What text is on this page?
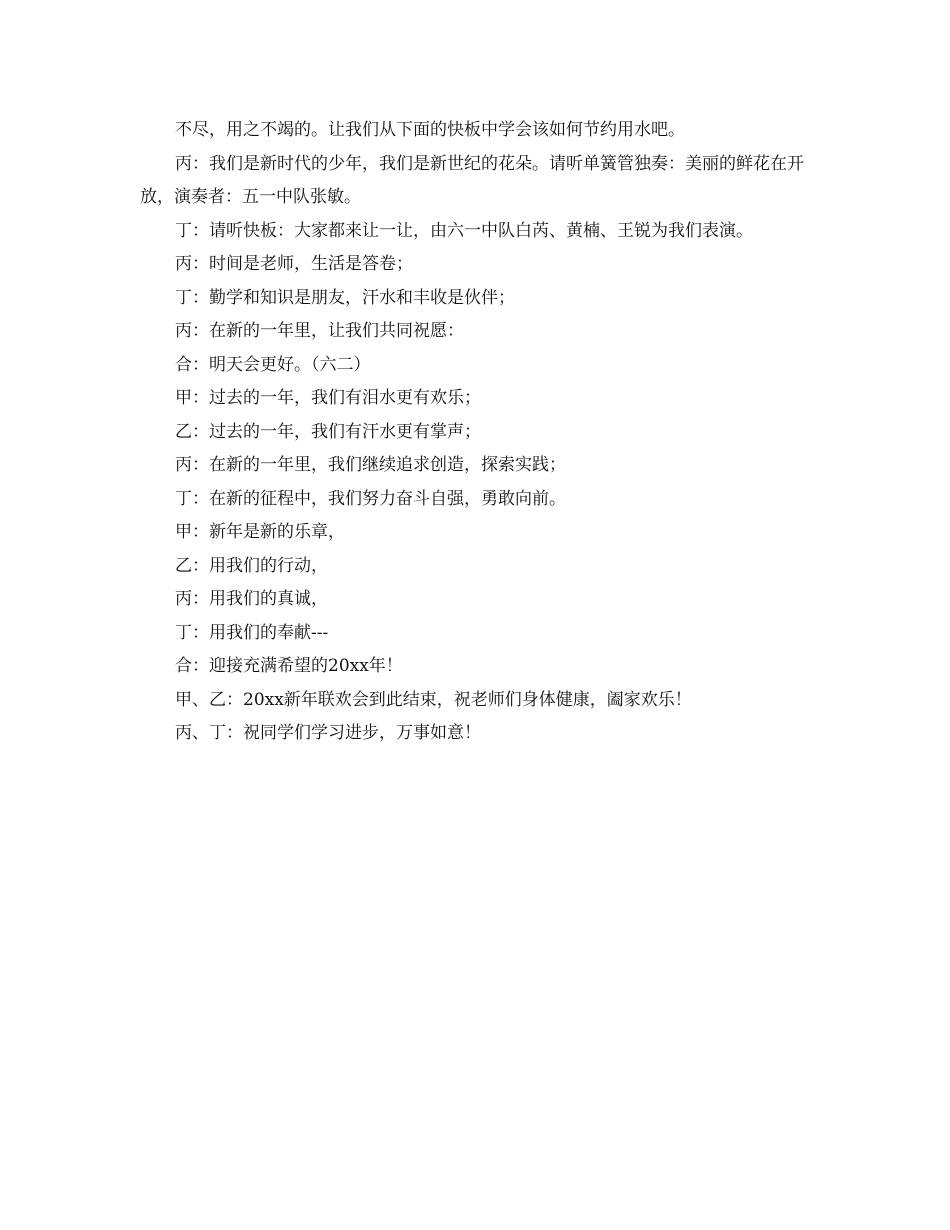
不尽，用之不竭的。让我们从下面的快板中学会该如何节约用水吧。

丙：我们是新时代的少年，我们是新世纪的花朵。请听单簧管独奏：美丽的鲜花在开放，演奏者：五一中队张敏。

丁：请听快板：大家都来让一让，由六一中队白芮、黄楠、王锐为我们表演。

丙：时间是老师，生活是答卷；

丁：勤学和知识是朋友，汗水和丰收是伙伴；

丙：在新的一年里，让我们共同祝愿：

合：明天会更好。（六二）

甲：过去的一年，我们有泪水更有欢乐；

乙：过去的一年，我们有汗水更有掌声；

丙：在新的一年里，我们继续追求创造，探索实践；

丁：在新的征程中，我们努力奋斗自强，勇敢向前。

甲：新年是新的乐章，

乙：用我们的行动，

丙：用我们的真诚，

丁：用我们的奉献---

合：迎接充满希望的20xx年！

甲、乙：20xx新年联欢会到此结束，祝老师们身体健康，阖家欢乐！

丙、丁：祝同学们学习进步，万事如意！
